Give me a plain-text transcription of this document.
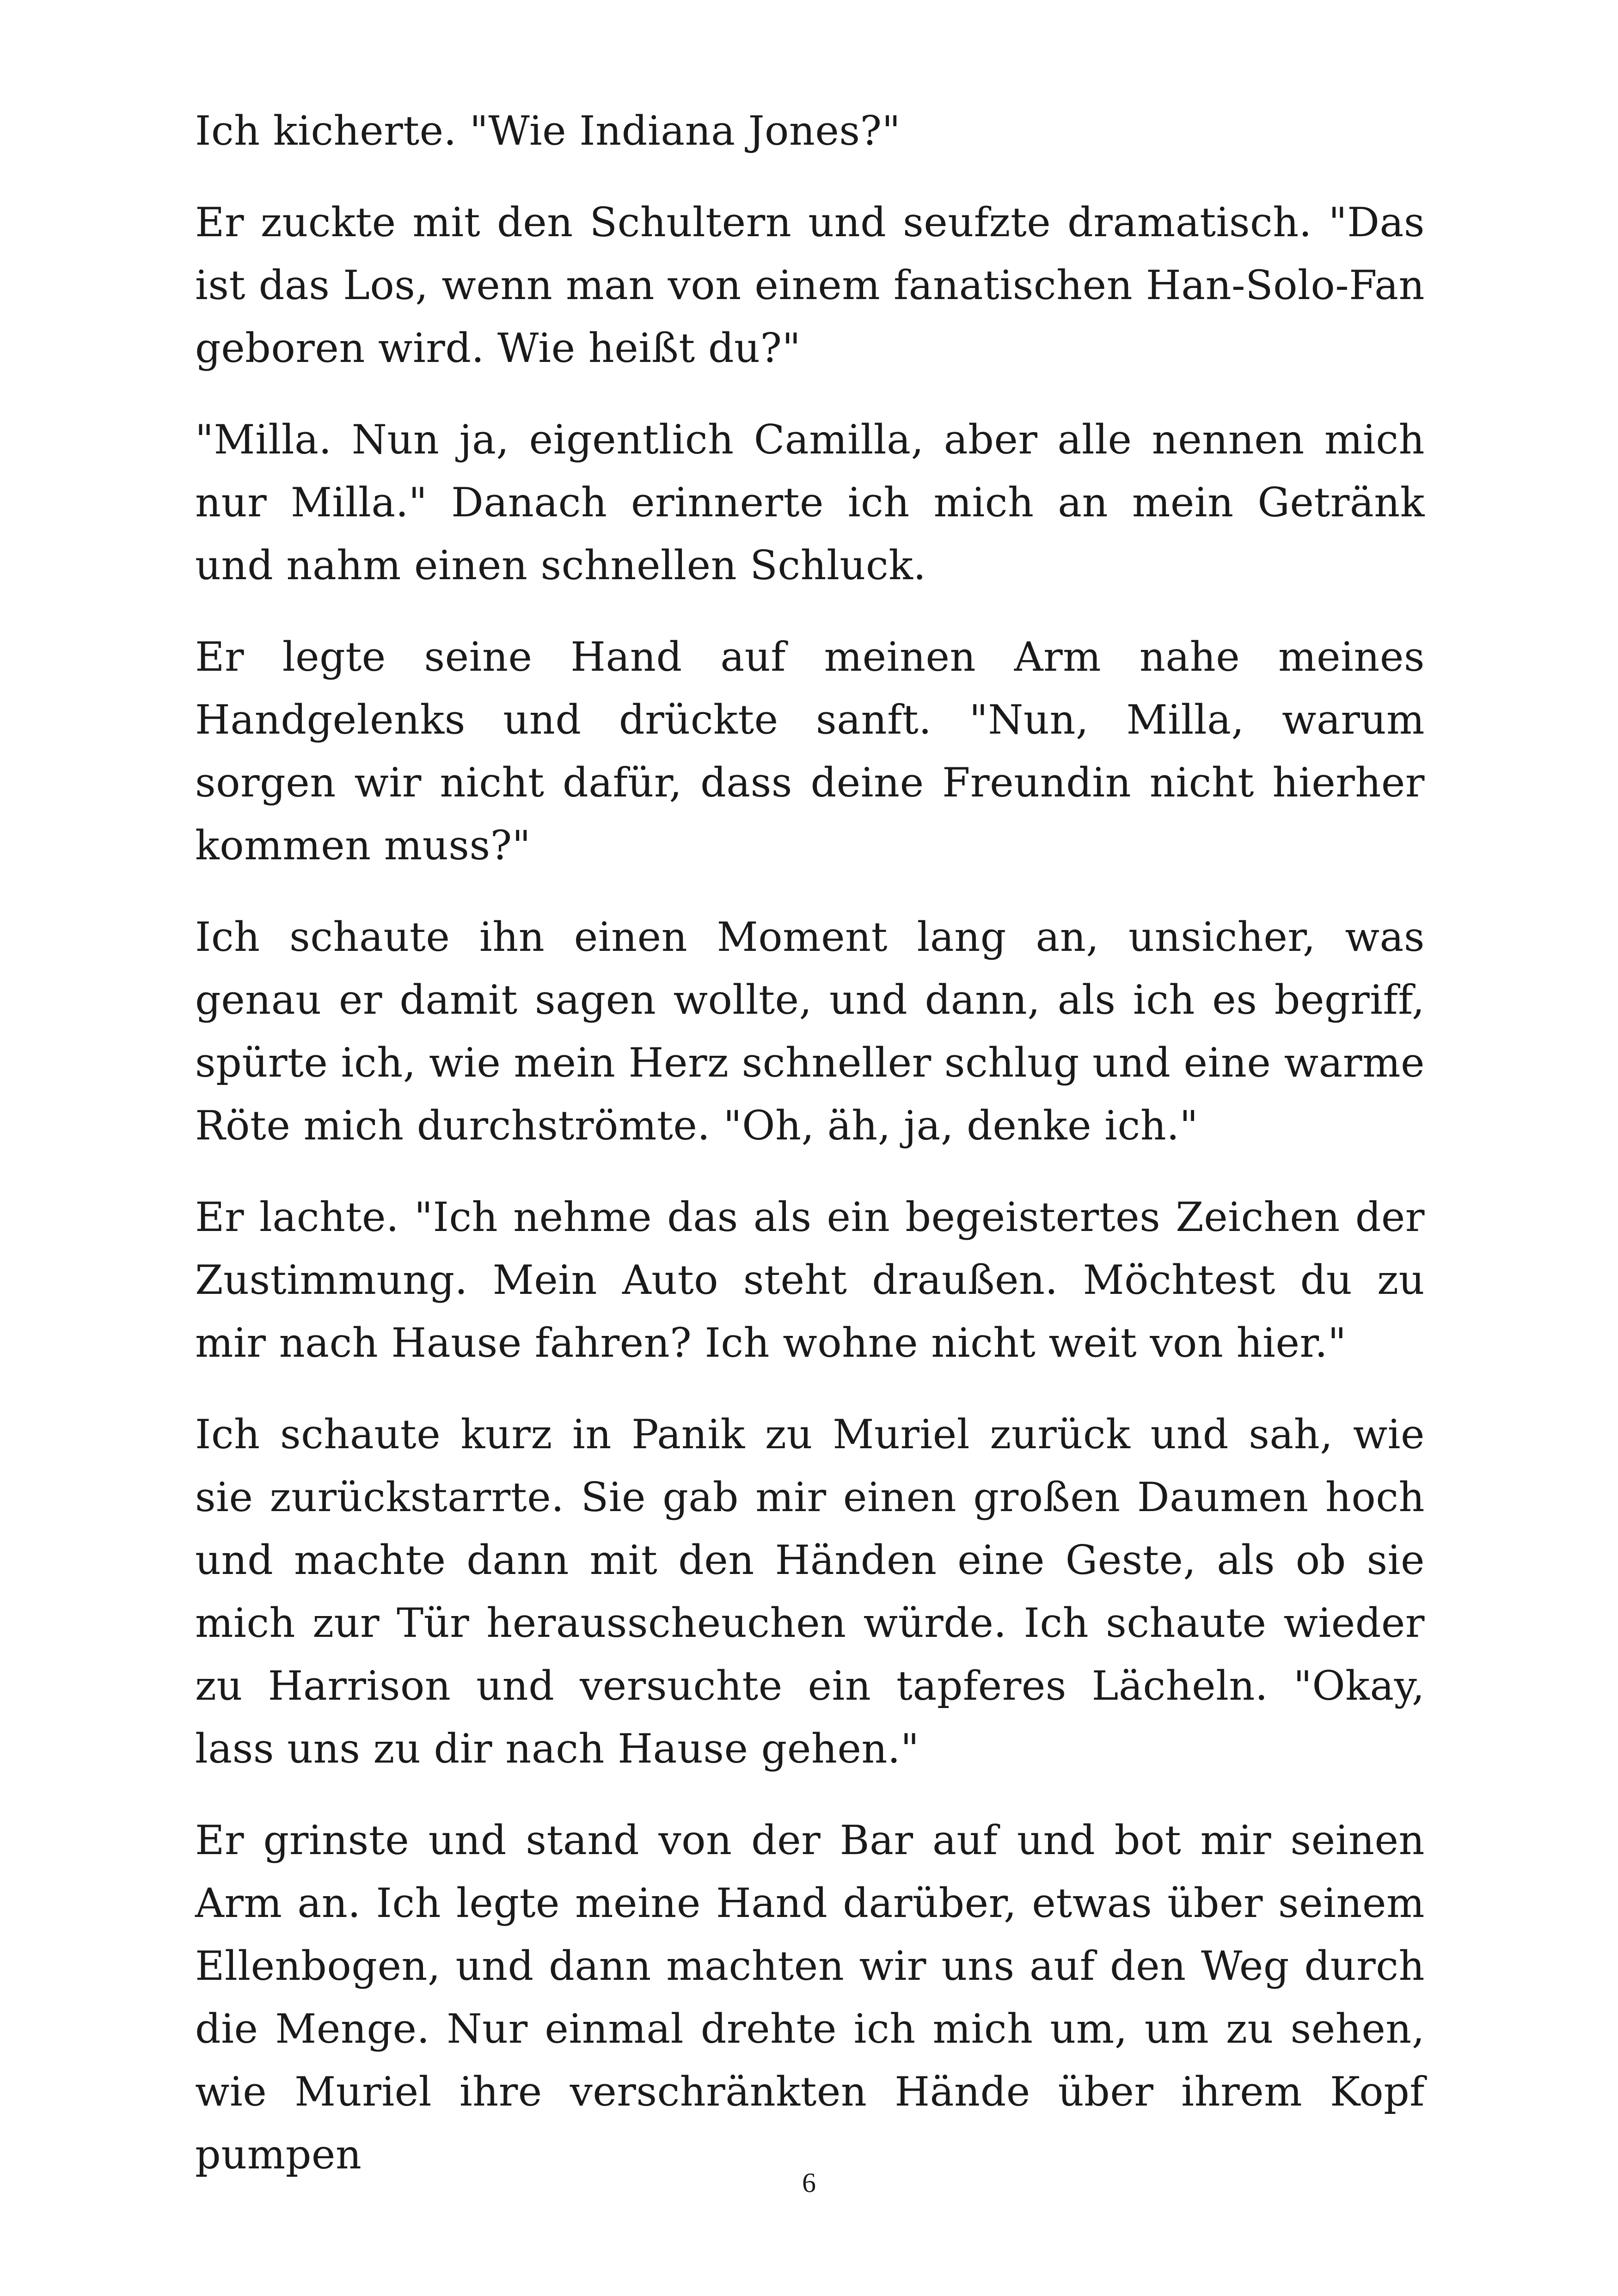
Ich kicherte. "Wie Indiana Jones?"

Er zuckte mit den Schultern und seufzte dramatisch. "Das ist das Los, wenn man von einem fanatischen Han-Solo-Fan geboren wird. Wie heißt du?"

"Milla. Nun ja, eigentlich Camilla, aber alle nennen mich nur Milla." Danach erinnerte ich mich an mein Getränk und nahm einen schnellen Schluck.

Er legte seine Hand auf meinen Arm nahe meines Handgelenks und drückte sanft. "Nun, Milla, warum sorgen wir nicht dafür, dass deine Freundin nicht hierher kommen muss?"

Ich schaute ihn einen Moment lang an, unsicher, was genau er damit sagen wollte, und dann, als ich es begriff, spürte ich, wie mein Herz schneller schlug und eine warme Röte mich durchströmte. "Oh, äh, ja, denke ich."

Er lachte. "Ich nehme das als ein begeistertes Zeichen der Zustimmung. Mein Auto steht draußen. Möchtest du zu mir nach Hause fahren? Ich wohne nicht weit von hier."

Ich schaute kurz in Panik zu Muriel zurück und sah, wie sie zurückstarrte. Sie gab mir einen großen Daumen hoch und machte dann mit den Händen eine Geste, als ob sie mich zur Tür herausscheuchen würde. Ich schaute wieder zu Harrison und versuchte ein tapferes Lächeln. "Okay, lass uns zu dir nach Hause gehen."

Er grinste und stand von der Bar auf und bot mir seinen Arm an. Ich legte meine Hand darüber, etwas über seinem Ellenbogen, und dann machten wir uns auf den Weg durch die Menge. Nur einmal drehte ich mich um, um zu sehen, wie Muriel ihre verschränkten Hände über ihrem Kopf pumpen

6
